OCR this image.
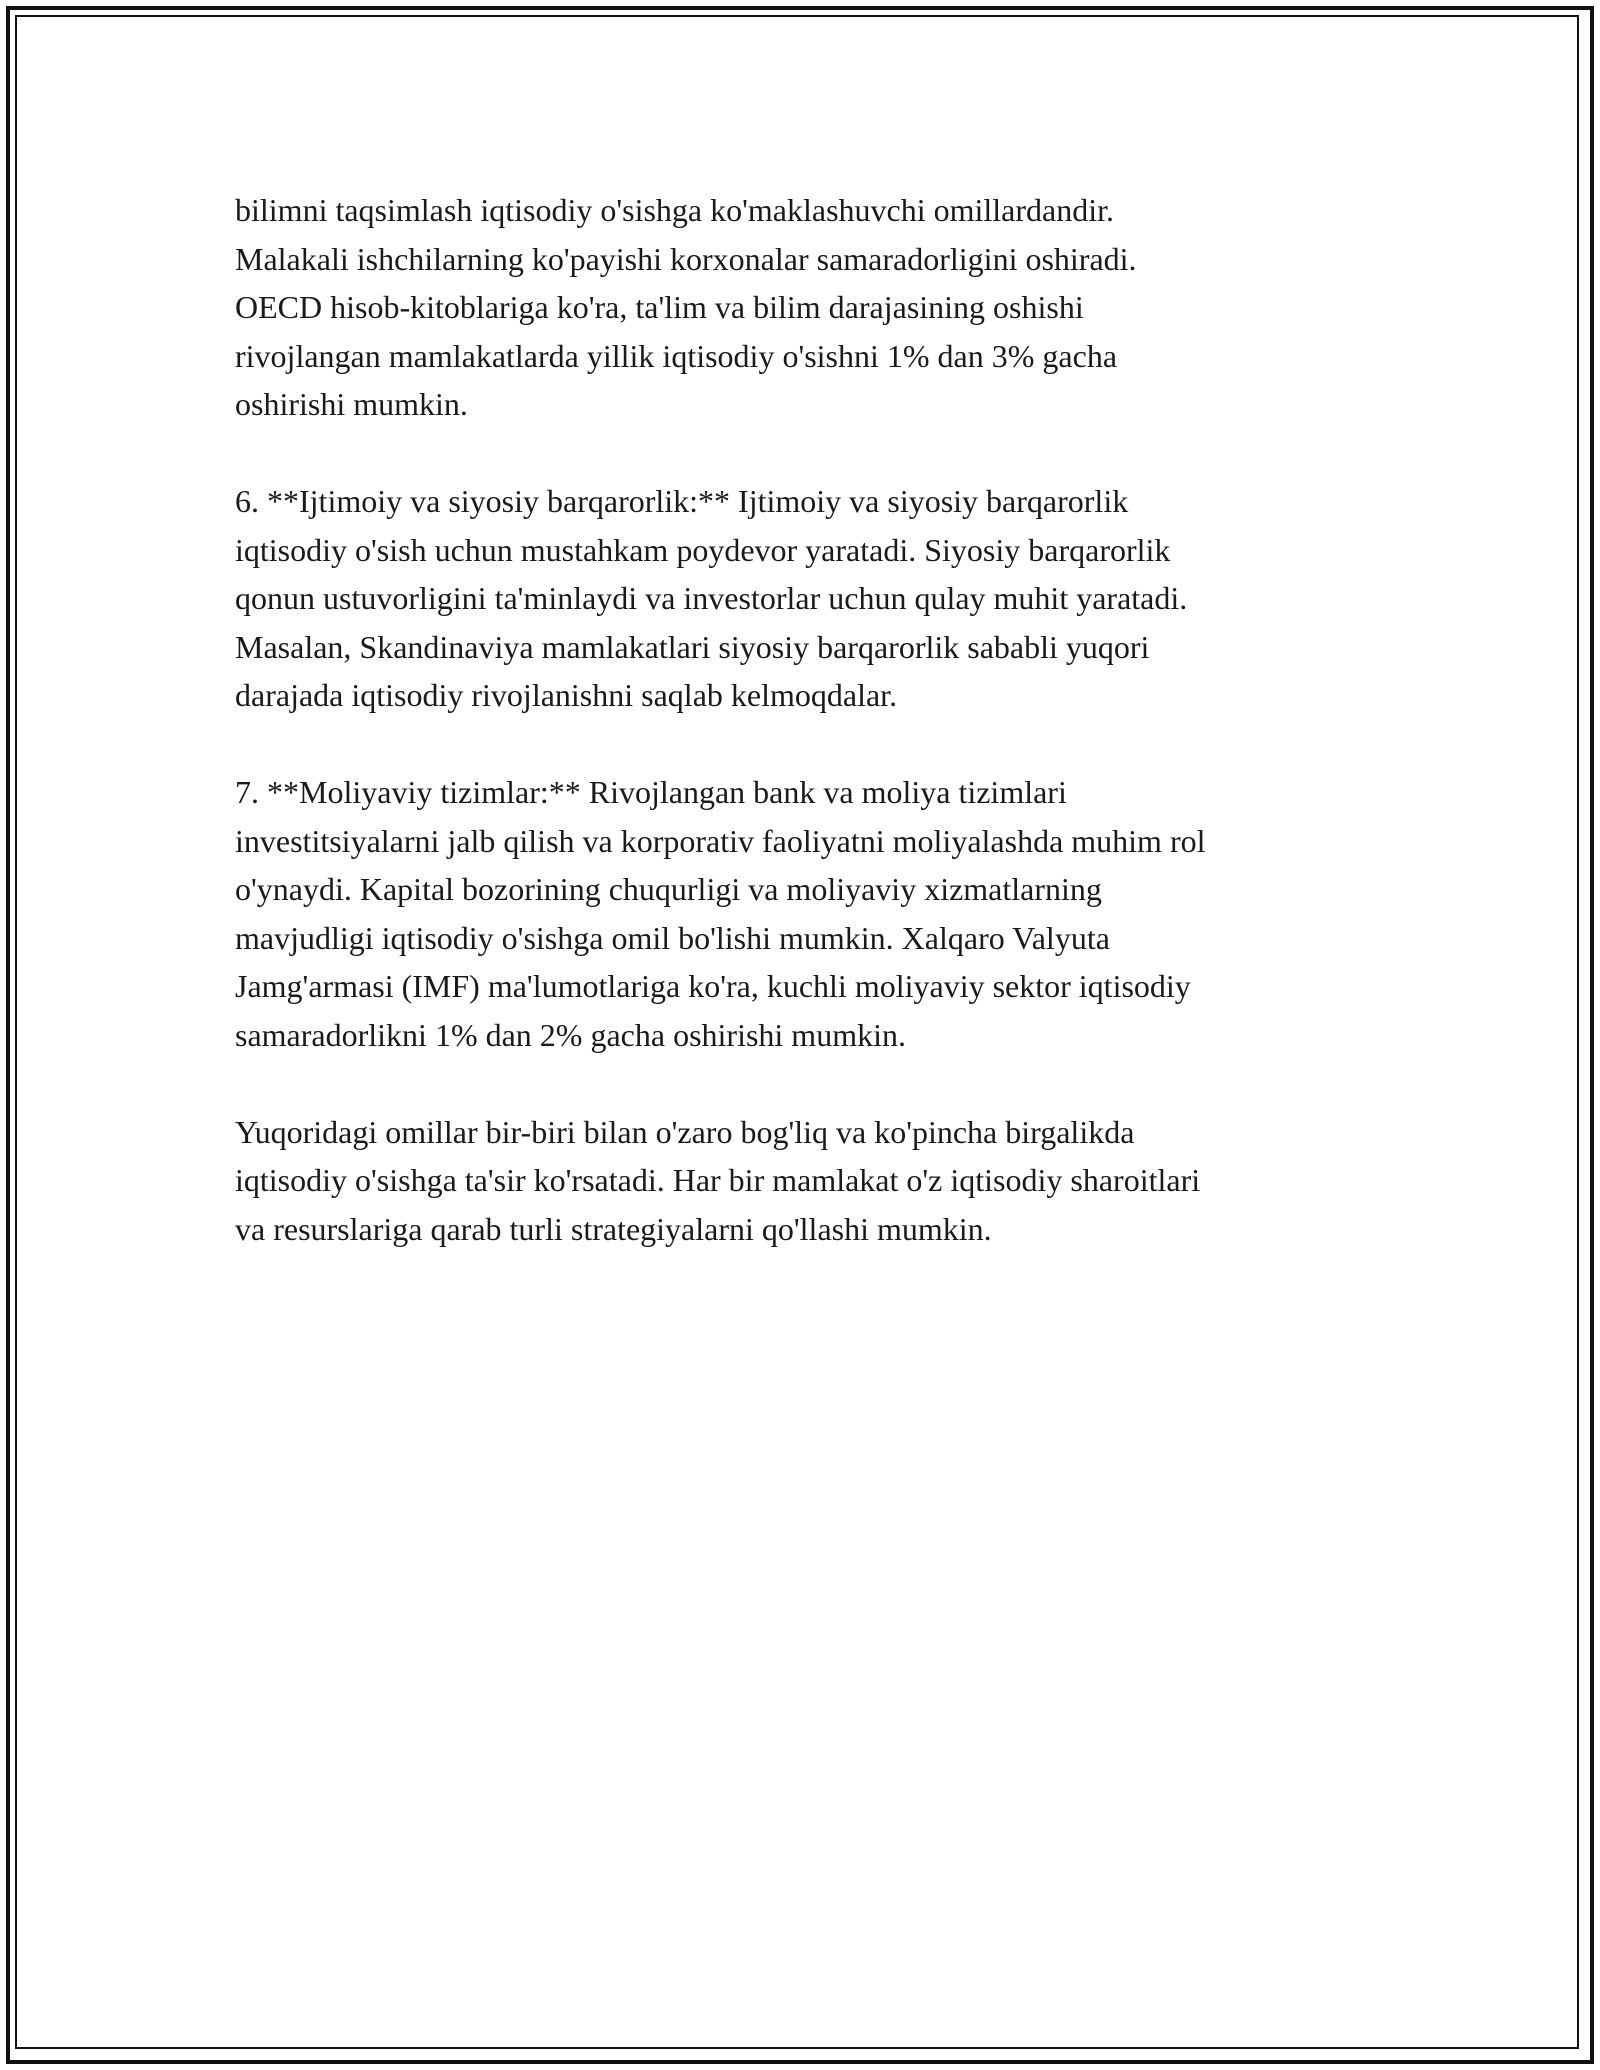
bilimni taqsimlash iqtisodiy o'sishga ko'maklashuvchi omillardandir.
Malakali ishchilarning ko'payishi korxonalar samaradorligini oshiradi.
OECD hisob-kitoblariga ko'ra, ta'lim va bilim darajasining oshishi
rivojlangan mamlakatlarda yillik iqtisodiy o'sishni 1% dan 3% gacha
oshirishi mumkin.
6. **Ijtimoiy va siyosiy barqarorlik:** Ijtimoiy va siyosiy barqarorlik
iqtisodiy o'sish uchun mustahkam poydevor yaratadi. Siyosiy barqarorlik
qonun ustuvorligini ta'minlaydi va investorlar uchun qulay muhit yaratadi.
Masalan, Skandinaviya mamlakatlari siyosiy barqarorlik sababli yuqori
darajada iqtisodiy rivojlanishni saqlab kelmoqdalar.
7. **Moliyaviy tizimlar:** Rivojlangan bank va moliya tizimlari
investitsiyalarni jalb qilish va korporativ faoliyatni moliyalashda muhim rol
o'ynaydi. Kapital bozorining chuqurligi va moliyaviy xizmatlarning
mavjudligi iqtisodiy o'sishga omil bo'lishi mumkin. Xalqaro Valyuta
Jamg'armasi (IMF) ma'lumotlariga ko'ra, kuchli moliyaviy sektor iqtisodiy
samaradorlikni 1% dan 2% gacha oshirishi mumkin.
Yuqoridagi omillar bir-biri bilan o'zaro bog'liq va ko'pincha birgalikda
iqtisodiy o'sishga ta'sir ko'rsatadi. Har bir mamlakat o'z iqtisodiy sharoitlari
va resurslariga qarab turli strategiyalarni qo'llashi mumkin.
